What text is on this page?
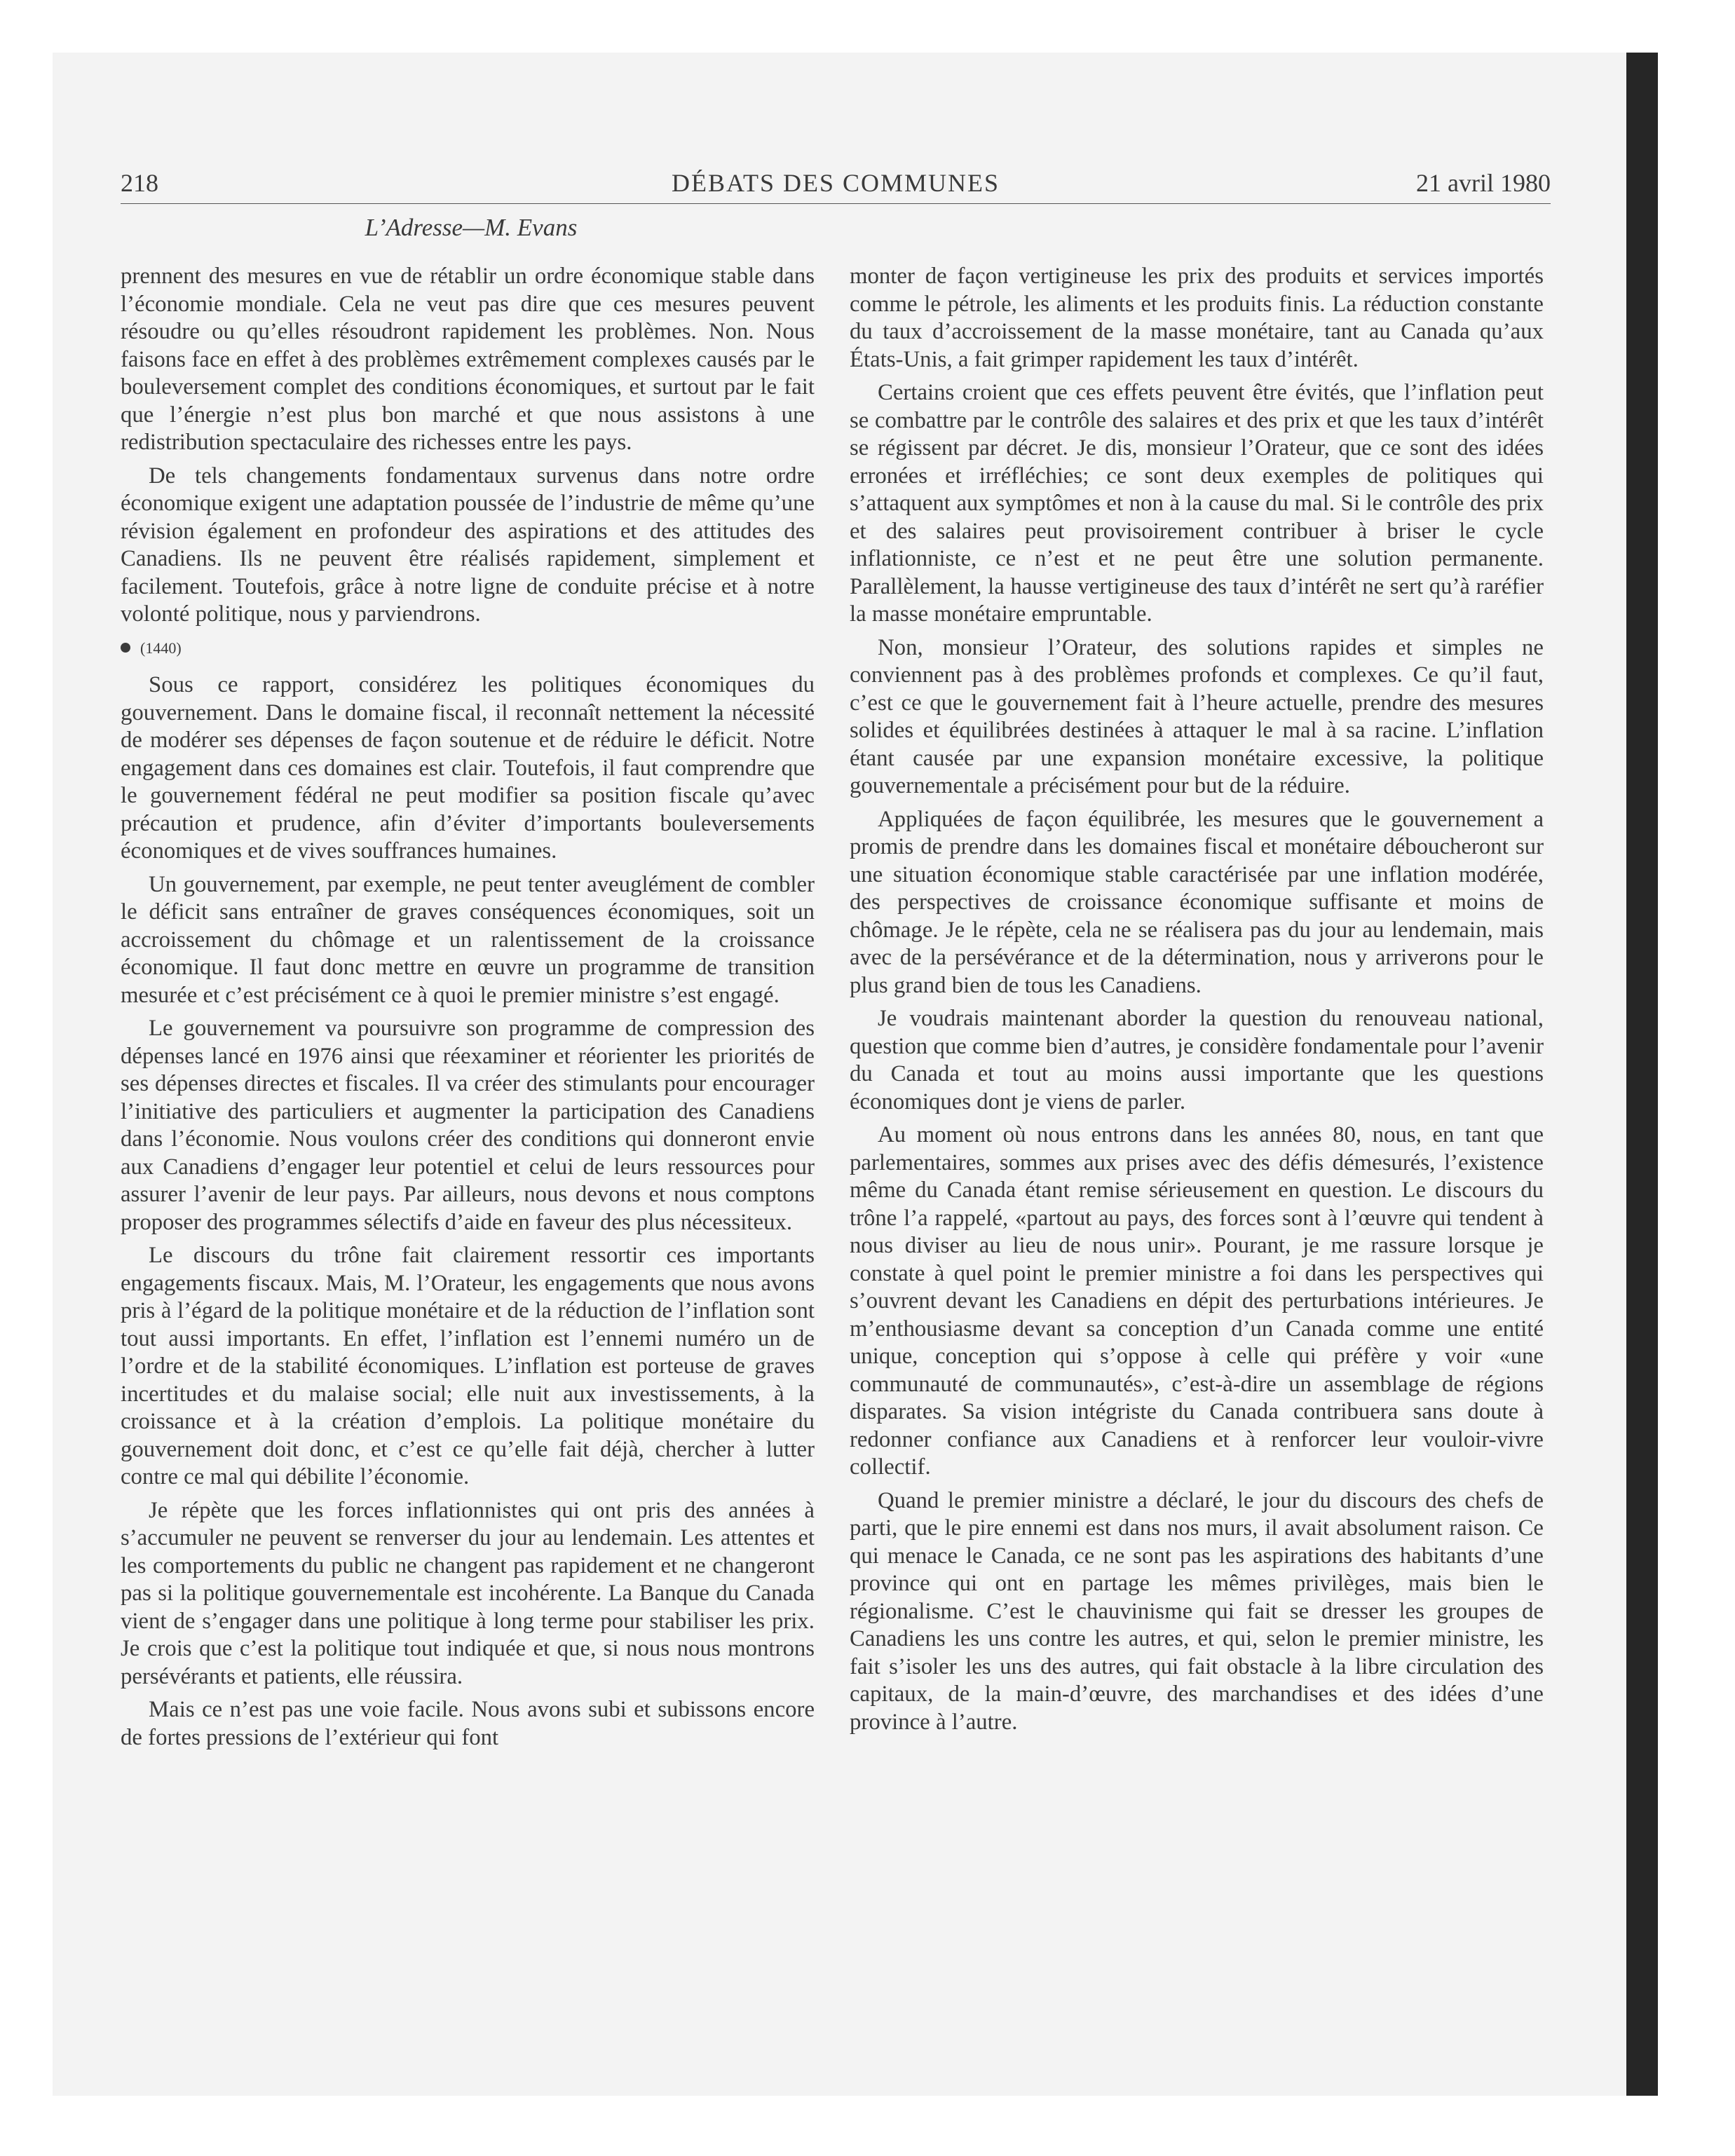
218	DÉBATS DES COMMUNES	21 avril 1980
L’Adresse—M. Evans

prennent des mesures en vue de rétablir un ordre économique stable dans l’économie mondiale. Cela ne veut pas dire que ces mesures peuvent résoudre ou qu’elles résoudront rapidement les problèmes. Non. Nous faisons face en effet à des problèmes extrêmement complexes causés par le bouleversement complet des conditions économiques, et surtout par le fait que l’énergie n’est plus bon marché et que nous assistons à une redistribution spectaculaire des richesses entre les pays.

De tels changements fondamentaux survenus dans notre ordre économique exigent une adaptation poussée de l’industrie de même qu’une révision également en profondeur des aspirations et des attitudes des Canadiens. Ils ne peuvent être réalisés rapidement, simplement et facilement. Toutefois, grâce à notre ligne de conduite précise et à notre volonté politique, nous y parviendrons.

(1440)

Sous ce rapport, considérez les politiques économiques du gouvernement. Dans le domaine fiscal, il reconnaît nettement la nécessité de modérer ses dépenses de façon soutenue et de réduire le déficit. Notre engagement dans ces domaines est clair. Toutefois, il faut comprendre que le gouvernement fédéral ne peut modifier sa position fiscale qu’avec précaution et prudence, afin d’éviter d’importants bouleversements économiques et de vives souffrances humaines.

Un gouvernement, par exemple, ne peut tenter aveuglément de combler le déficit sans entraîner de graves conséquences économiques, soit un accroissement du chômage et un ralentissement de la croissance économique. Il faut donc mettre en œuvre un programme de transition mesurée et c’est précisément ce à quoi le premier ministre s’est engagé.

Le gouvernement va poursuivre son programme de compression des dépenses lancé en 1976 ainsi que réexaminer et réorienter les priorités de ses dépenses directes et fiscales. Il va créer des stimulants pour encourager l’initiative des particuliers et augmenter la participation des Canadiens dans l’économie. Nous voulons créer des conditions qui donneront envie aux Canadiens d’engager leur potentiel et celui de leurs ressources pour assurer l’avenir de leur pays. Par ailleurs, nous devons et nous comptons proposer des programmes sélectifs d’aide en faveur des plus nécessiteux.

Le discours du trône fait clairement ressortir ces importants engagements fiscaux. Mais, M. l’Orateur, les engagements que nous avons pris à l’égard de la politique monétaire et de la réduction de l’inflation sont tout aussi importants. En effet, l’inflation est l’ennemi numéro un de l’ordre et de la stabilité économiques. L’inflation est porteuse de graves incertitudes et du malaise social; elle nuit aux investissements, à la croissance et à la création d’emplois. La politique monétaire du gouvernement doit donc, et c’est ce qu’elle fait déjà, chercher à lutter contre ce mal qui débilite l’économie.

Je répète que les forces inflationnistes qui ont pris des années à s’accumuler ne peuvent se renverser du jour au lendemain. Les attentes et les comportements du public ne changent pas rapidement et ne changeront pas si la politique gouvernementale est incohérente. La Banque du Canada vient de s’engager dans une politique à long terme pour stabiliser les prix. Je crois que c’est la politique tout indiquée et que, si nous nous montrons persévérants et patients, elle réussira.

Mais ce n’est pas une voie facile. Nous avons subi et subissons encore de fortes pressions de l’extérieur qui font

monter de façon vertigineuse les prix des produits et services importés comme le pétrole, les aliments et les produits finis. La réduction constante du taux d’accroissement de la masse monétaire, tant au Canada qu’aux États-Unis, a fait grimper rapidement les taux d’intérêt.

Certains croient que ces effets peuvent être évités, que l’inflation peut se combattre par le contrôle des salaires et des prix et que les taux d’intérêt se régissent par décret. Je dis, monsieur l’Orateur, que ce sont des idées erronées et irréfléchies; ce sont deux exemples de politiques qui s’attaquent aux symptômes et non à la cause du mal. Si le contrôle des prix et des salaires peut provisoirement contribuer à briser le cycle inflationniste, ce n’est et ne peut être une solution permanente. Parallèlement, la hausse vertigineuse des taux d’intérêt ne sert qu’à raréfier la masse monétaire empruntable.

Non, monsieur l’Orateur, des solutions rapides et simples ne conviennent pas à des problèmes profonds et complexes. Ce qu’il faut, c’est ce que le gouvernement fait à l’heure actuelle, prendre des mesures solides et équilibrées destinées à attaquer le mal à sa racine. L’inflation étant causée par une expansion monétaire excessive, la politique gouvernementale a précisément pour but de la réduire.

Appliquées de façon équilibrée, les mesures que le gouvernement a promis de prendre dans les domaines fiscal et monétaire déboucheront sur une situation économique stable caractérisée par une inflation modérée, des perspectives de croissance économique suffisante et moins de chômage. Je le répète, cela ne se réalisera pas du jour au lendemain, mais avec de la persévérance et de la détermination, nous y arriverons pour le plus grand bien de tous les Canadiens.

Je voudrais maintenant aborder la question du renouveau national, question que comme bien d’autres, je considère fondamentale pour l’avenir du Canada et tout au moins aussi importante que les questions économiques dont je viens de parler.

Au moment où nous entrons dans les années 80, nous, en tant que parlementaires, sommes aux prises avec des défis démesurés, l’existence même du Canada étant remise sérieusement en question. Le discours du trône l’a rappelé, «partout au pays, des forces sont à l’œuvre qui tendent à nous diviser au lieu de nous unir». Pourant, je me rassure lorsque je constate à quel point le premier ministre a foi dans les perspectives qui s’ouvrent devant les Canadiens en dépit des perturbations intérieures. Je m’enthousiasme devant sa conception d’un Canada comme une entité unique, conception qui s’oppose à celle qui préfère y voir «une communauté de communautés», c’est-à-dire un assemblage de régions disparates. Sa vision intégriste du Canada contribuera sans doute à redonner confiance aux Canadiens et à renforcer leur vouloir-vivre collectif.

Quand le premier ministre a déclaré, le jour du discours des chefs de parti, que le pire ennemi est dans nos murs, il avait absolument raison. Ce qui menace le Canada, ce ne sont pas les aspirations des habitants d’une province qui ont en partage les mêmes privilèges, mais bien le régionalisme. C’est le chauvinisme qui fait se dresser les groupes de Canadiens les uns contre les autres, et qui, selon le premier ministre, les fait s’isoler les uns des autres, qui fait obstacle à la libre circulation des capitaux, de la main-d’œuvre, des marchandises et des idées d’une province à l’autre.
